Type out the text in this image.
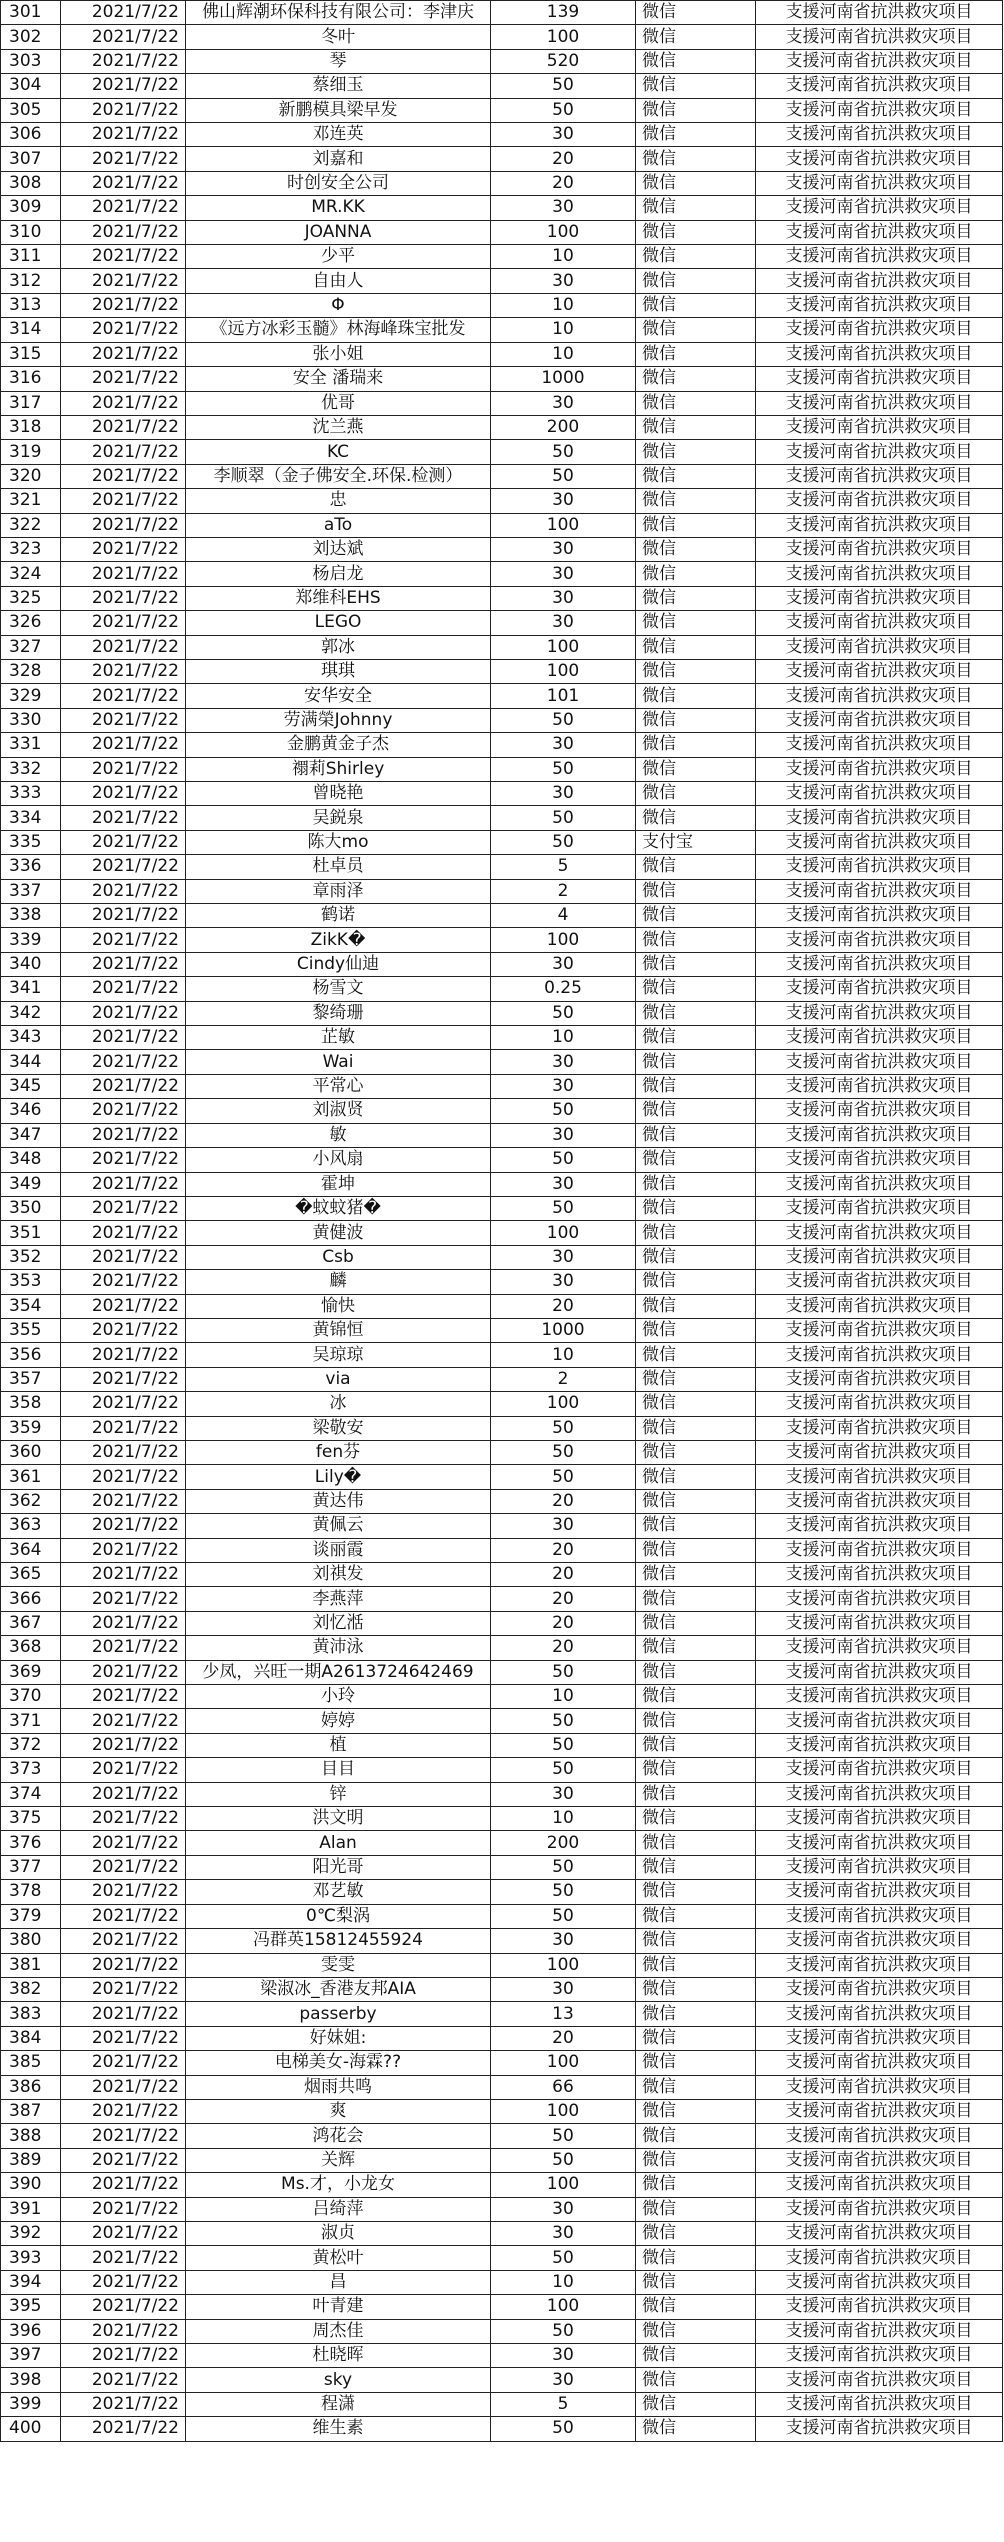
301	2021/7/22	佛山辉潮环保科技有限公司：李津庆	139	微信	支援河南省抗洪救灾项目
302	2021/7/22	冬叶	100	微信	支援河南省抗洪救灾项目
303	2021/7/22	琴	520	微信	支援河南省抗洪救灾项目
304	2021/7/22	蔡细玉	50	微信	支援河南省抗洪救灾项目
305	2021/7/22	新鹏模具梁早发	50	微信	支援河南省抗洪救灾项目
306	2021/7/22	邓连英	30	微信	支援河南省抗洪救灾项目
307	2021/7/22	刘嘉和	20	微信	支援河南省抗洪救灾项目
308	2021/7/22	时创安全公司	20	微信	支援河南省抗洪救灾项目
309	2021/7/22	MR.KK	30	微信	支援河南省抗洪救灾项目
310	2021/7/22	JOANNA	100	微信	支援河南省抗洪救灾项目
311	2021/7/22	少平	10	微信	支援河南省抗洪救灾项目
312	2021/7/22	自由人	30	微信	支援河南省抗洪救灾项目
313	2021/7/22	Φ	10	微信	支援河南省抗洪救灾项目
314	2021/7/22	《远方冰彩玉髓》林海峰珠宝批发	10	微信	支援河南省抗洪救灾项目
315	2021/7/22	张小姐	10	微信	支援河南省抗洪救灾项目
316	2021/7/22	安全 潘瑞来	1000	微信	支援河南省抗洪救灾项目
317	2021/7/22	优哥	30	微信	支援河南省抗洪救灾项目
318	2021/7/22	沈兰燕	200	微信	支援河南省抗洪救灾项目
319	2021/7/22	KC	50	微信	支援河南省抗洪救灾项目
320	2021/7/22	李顺翠（金子佛安全.环保.检测）	50	微信	支援河南省抗洪救灾项目
321	2021/7/22	忠	30	微信	支援河南省抗洪救灾项目
322	2021/7/22	aTo	100	微信	支援河南省抗洪救灾项目
323	2021/7/22	刘达斌	30	微信	支援河南省抗洪救灾项目
324	2021/7/22	杨启龙	30	微信	支援河南省抗洪救灾项目
325	2021/7/22	郑维科EHS	30	微信	支援河南省抗洪救灾项目
326	2021/7/22	LEGO	30	微信	支援河南省抗洪救灾项目
327	2021/7/22	郭冰	100	微信	支援河南省抗洪救灾项目
328	2021/7/22	琪琪	100	微信	支援河南省抗洪救灾项目
329	2021/7/22	安华安全	101	微信	支援河南省抗洪救灾项目
330	2021/7/22	劳满榮Johnny	50	微信	支援河南省抗洪救灾项目
331	2021/7/22	金鹏黄金子杰	30	微信	支援河南省抗洪救灾项目
332	2021/7/22	禤莉Shirley	50	微信	支援河南省抗洪救灾项目
333	2021/7/22	曾晓艳	30	微信	支援河南省抗洪救灾项目
334	2021/7/22	吴鋭泉	50	微信	支援河南省抗洪救灾项目
335	2021/7/22	陈大mo	50	支付宝	支援河南省抗洪救灾项目
336	2021/7/22	杜卓员	5	微信	支援河南省抗洪救灾项目
337	2021/7/22	章雨泽	2	微信	支援河南省抗洪救灾项目
338	2021/7/22	鹤诺	4	微信	支援河南省抗洪救灾项目
339	2021/7/22	ZikK�	100	微信	支援河南省抗洪救灾项目
340	2021/7/22	Cindy仙迪	30	微信	支援河南省抗洪救灾项目
341	2021/7/22	杨雪文	0.25	微信	支援河南省抗洪救灾项目
342	2021/7/22	黎绮珊	50	微信	支援河南省抗洪救灾项目
343	2021/7/22	芷敏	10	微信	支援河南省抗洪救灾项目
344	2021/7/22	Wai	30	微信	支援河南省抗洪救灾项目
345	2021/7/22	平常心	30	微信	支援河南省抗洪救灾项目
346	2021/7/22	刘淑贤	50	微信	支援河南省抗洪救灾项目
347	2021/7/22	敏	30	微信	支援河南省抗洪救灾项目
348	2021/7/22	小风扇	50	微信	支援河南省抗洪救灾项目
349	2021/7/22	霍坤	30	微信	支援河南省抗洪救灾项目
350	2021/7/22	�蚊蚊猪�	50	微信	支援河南省抗洪救灾项目
351	2021/7/22	黄健波	100	微信	支援河南省抗洪救灾项目
352	2021/7/22	Csb	30	微信	支援河南省抗洪救灾项目
353	2021/7/22	麟	30	微信	支援河南省抗洪救灾项目
354	2021/7/22	愉快	20	微信	支援河南省抗洪救灾项目
355	2021/7/22	黄锦恒	1000	微信	支援河南省抗洪救灾项目
356	2021/7/22	吴琼琼	10	微信	支援河南省抗洪救灾项目
357	2021/7/22	via	2	微信	支援河南省抗洪救灾项目
358	2021/7/22	冰	100	微信	支援河南省抗洪救灾项目
359	2021/7/22	梁敬安	50	微信	支援河南省抗洪救灾项目
360	2021/7/22	fen芬	50	微信	支援河南省抗洪救灾项目
361	2021/7/22	Lily�	50	微信	支援河南省抗洪救灾项目
362	2021/7/22	黄达伟	20	微信	支援河南省抗洪救灾项目
363	2021/7/22	黄佩云	30	微信	支援河南省抗洪救灾项目
364	2021/7/22	谈丽霞	20	微信	支援河南省抗洪救灾项目
365	2021/7/22	刘祺发	20	微信	支援河南省抗洪救灾项目
366	2021/7/22	李燕萍	20	微信	支援河南省抗洪救灾项目
367	2021/7/22	刘忆湉	20	微信	支援河南省抗洪救灾项目
368	2021/7/22	黄沛泳	20	微信	支援河南省抗洪救灾项目
369	2021/7/22	少凤，兴旺一期A2613724642469	50	微信	支援河南省抗洪救灾项目
370	2021/7/22	小玲	10	微信	支援河南省抗洪救灾项目
371	2021/7/22	婷婷	50	微信	支援河南省抗洪救灾项目
372	2021/7/22	植	50	微信	支援河南省抗洪救灾项目
373	2021/7/22	目目	50	微信	支援河南省抗洪救灾项目
374	2021/7/22	锌	30	微信	支援河南省抗洪救灾项目
375	2021/7/22	洪文明	10	微信	支援河南省抗洪救灾项目
376	2021/7/22	Alan	200	微信	支援河南省抗洪救灾项目
377	2021/7/22	阳光哥	50	微信	支援河南省抗洪救灾项目
378	2021/7/22	邓艺敏	50	微信	支援河南省抗洪救灾项目
379	2021/7/22	0℃梨涡	50	微信	支援河南省抗洪救灾项目
380	2021/7/22	冯群英15812455924	30	微信	支援河南省抗洪救灾项目
381	2021/7/22	雯雯	100	微信	支援河南省抗洪救灾项目
382	2021/7/22	梁淑冰_香港友邦AIA	30	微信	支援河南省抗洪救灾项目
383	2021/7/22	passerby	13	微信	支援河南省抗洪救灾项目
384	2021/7/22	好妹姐:	20	微信	支援河南省抗洪救灾项目
385	2021/7/22	电梯美女-海霖??	100	微信	支援河南省抗洪救灾项目
386	2021/7/22	烟雨共鸣	66	微信	支援河南省抗洪救灾项目
387	2021/7/22	爽	100	微信	支援河南省抗洪救灾项目
388	2021/7/22	鸿花会	50	微信	支援河南省抗洪救灾项目
389	2021/7/22	关辉	50	微信	支援河南省抗洪救灾项目
390	2021/7/22	Ms.才，小龙女	100	微信	支援河南省抗洪救灾项目
391	2021/7/22	吕绮萍	30	微信	支援河南省抗洪救灾项目
392	2021/7/22	淑贞	30	微信	支援河南省抗洪救灾项目
393	2021/7/22	黄松叶	50	微信	支援河南省抗洪救灾项目
394	2021/7/22	昌	10	微信	支援河南省抗洪救灾项目
395	2021/7/22	叶青建	100	微信	支援河南省抗洪救灾项目
396	2021/7/22	周杰佳	50	微信	支援河南省抗洪救灾项目
397	2021/7/22	杜晓晖	30	微信	支援河南省抗洪救灾项目
398	2021/7/22	sky	30	微信	支援河南省抗洪救灾项目
399	2021/7/22	程潇	5	微信	支援河南省抗洪救灾项目
400	2021/7/22	维生素	50	微信	支援河南省抗洪救灾项目
